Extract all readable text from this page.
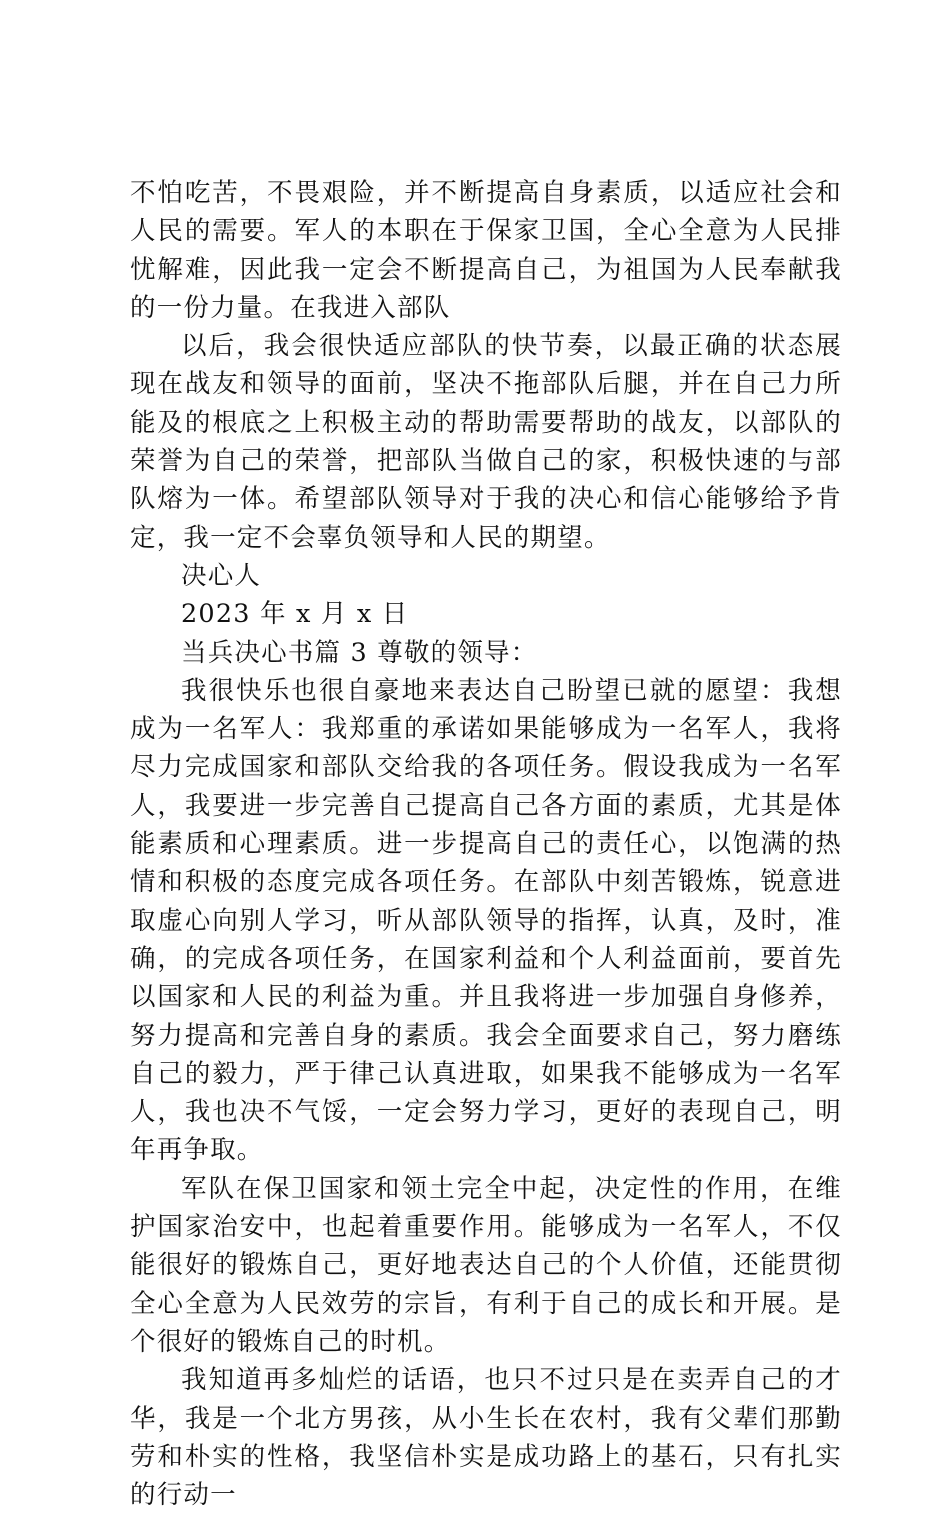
不怕吃苦，不畏艰险，并不断提高自身素质，以适应社会和人民的需要。军人的本职在于保家卫国，全心全意为人民排忧解难，因此我一定会不断提高自己，为祖国为人民奉献我的一份力量。在我进入部队

以后，我会很快适应部队的快节奏，以最正确的状态展现在战友和领导的面前，坚决不拖部队后腿，并在自己力所能及的根底之上积极主动的帮助需要帮助的战友，以部队的荣誉为自己的荣誉，把部队当做自己的家，积极快速的与部队熔为一体。希望部队领导对于我的决心和信心能够给予肯定，我一定不会辜负领导和人民的期望。

决心人

2023 年 x 月 x 日

当兵决心书篇 3 尊敬的领导：

我很快乐也很自豪地来表达自己盼望已就的愿望：我想成为一名军人：我郑重的承诺如果能够成为一名军人，我将尽力完成国家和部队交给我的各项任务。假设我成为一名军人，我要进一步完善自己提高自己各方面的素质，尤其是体能素质和心理素质。进一步提高自己的责任心，以饱满的热情和积极的态度完成各项任务。在部队中刻苦锻炼，锐意进取虚心向别人学习，听从部队领导的指挥，认真，及时，准确，的完成各项任务，在国家利益和个人利益面前，要首先以国家和人民的利益为重。并且我将进一步加强自身修养，努力提高和完善自身的素质。我会全面要求自己，努力磨练自己的毅力，严于律己认真进取，如果我不能够成为一名军人，我也决不气馁，一定会努力学习，更好的表现自己，明年再争取。

军队在保卫国家和领土完全中起，决定性的作用，在维护国家治安中，也起着重要作用。能够成为一名军人，不仅能很好的锻炼自己，更好地表达自己的个人价值，还能贯彻全心全意为人民效劳的宗旨，有利于自己的成长和开展。是个很好的锻炼自己的时机。

我知道再多灿烂的话语，也只不过只是在卖弄自己的才华，我是一个北方男孩，从小生长在农村，我有父辈们那勤劳和朴实的性格，我坚信朴实是成功路上的基石，只有扎实的行动一
